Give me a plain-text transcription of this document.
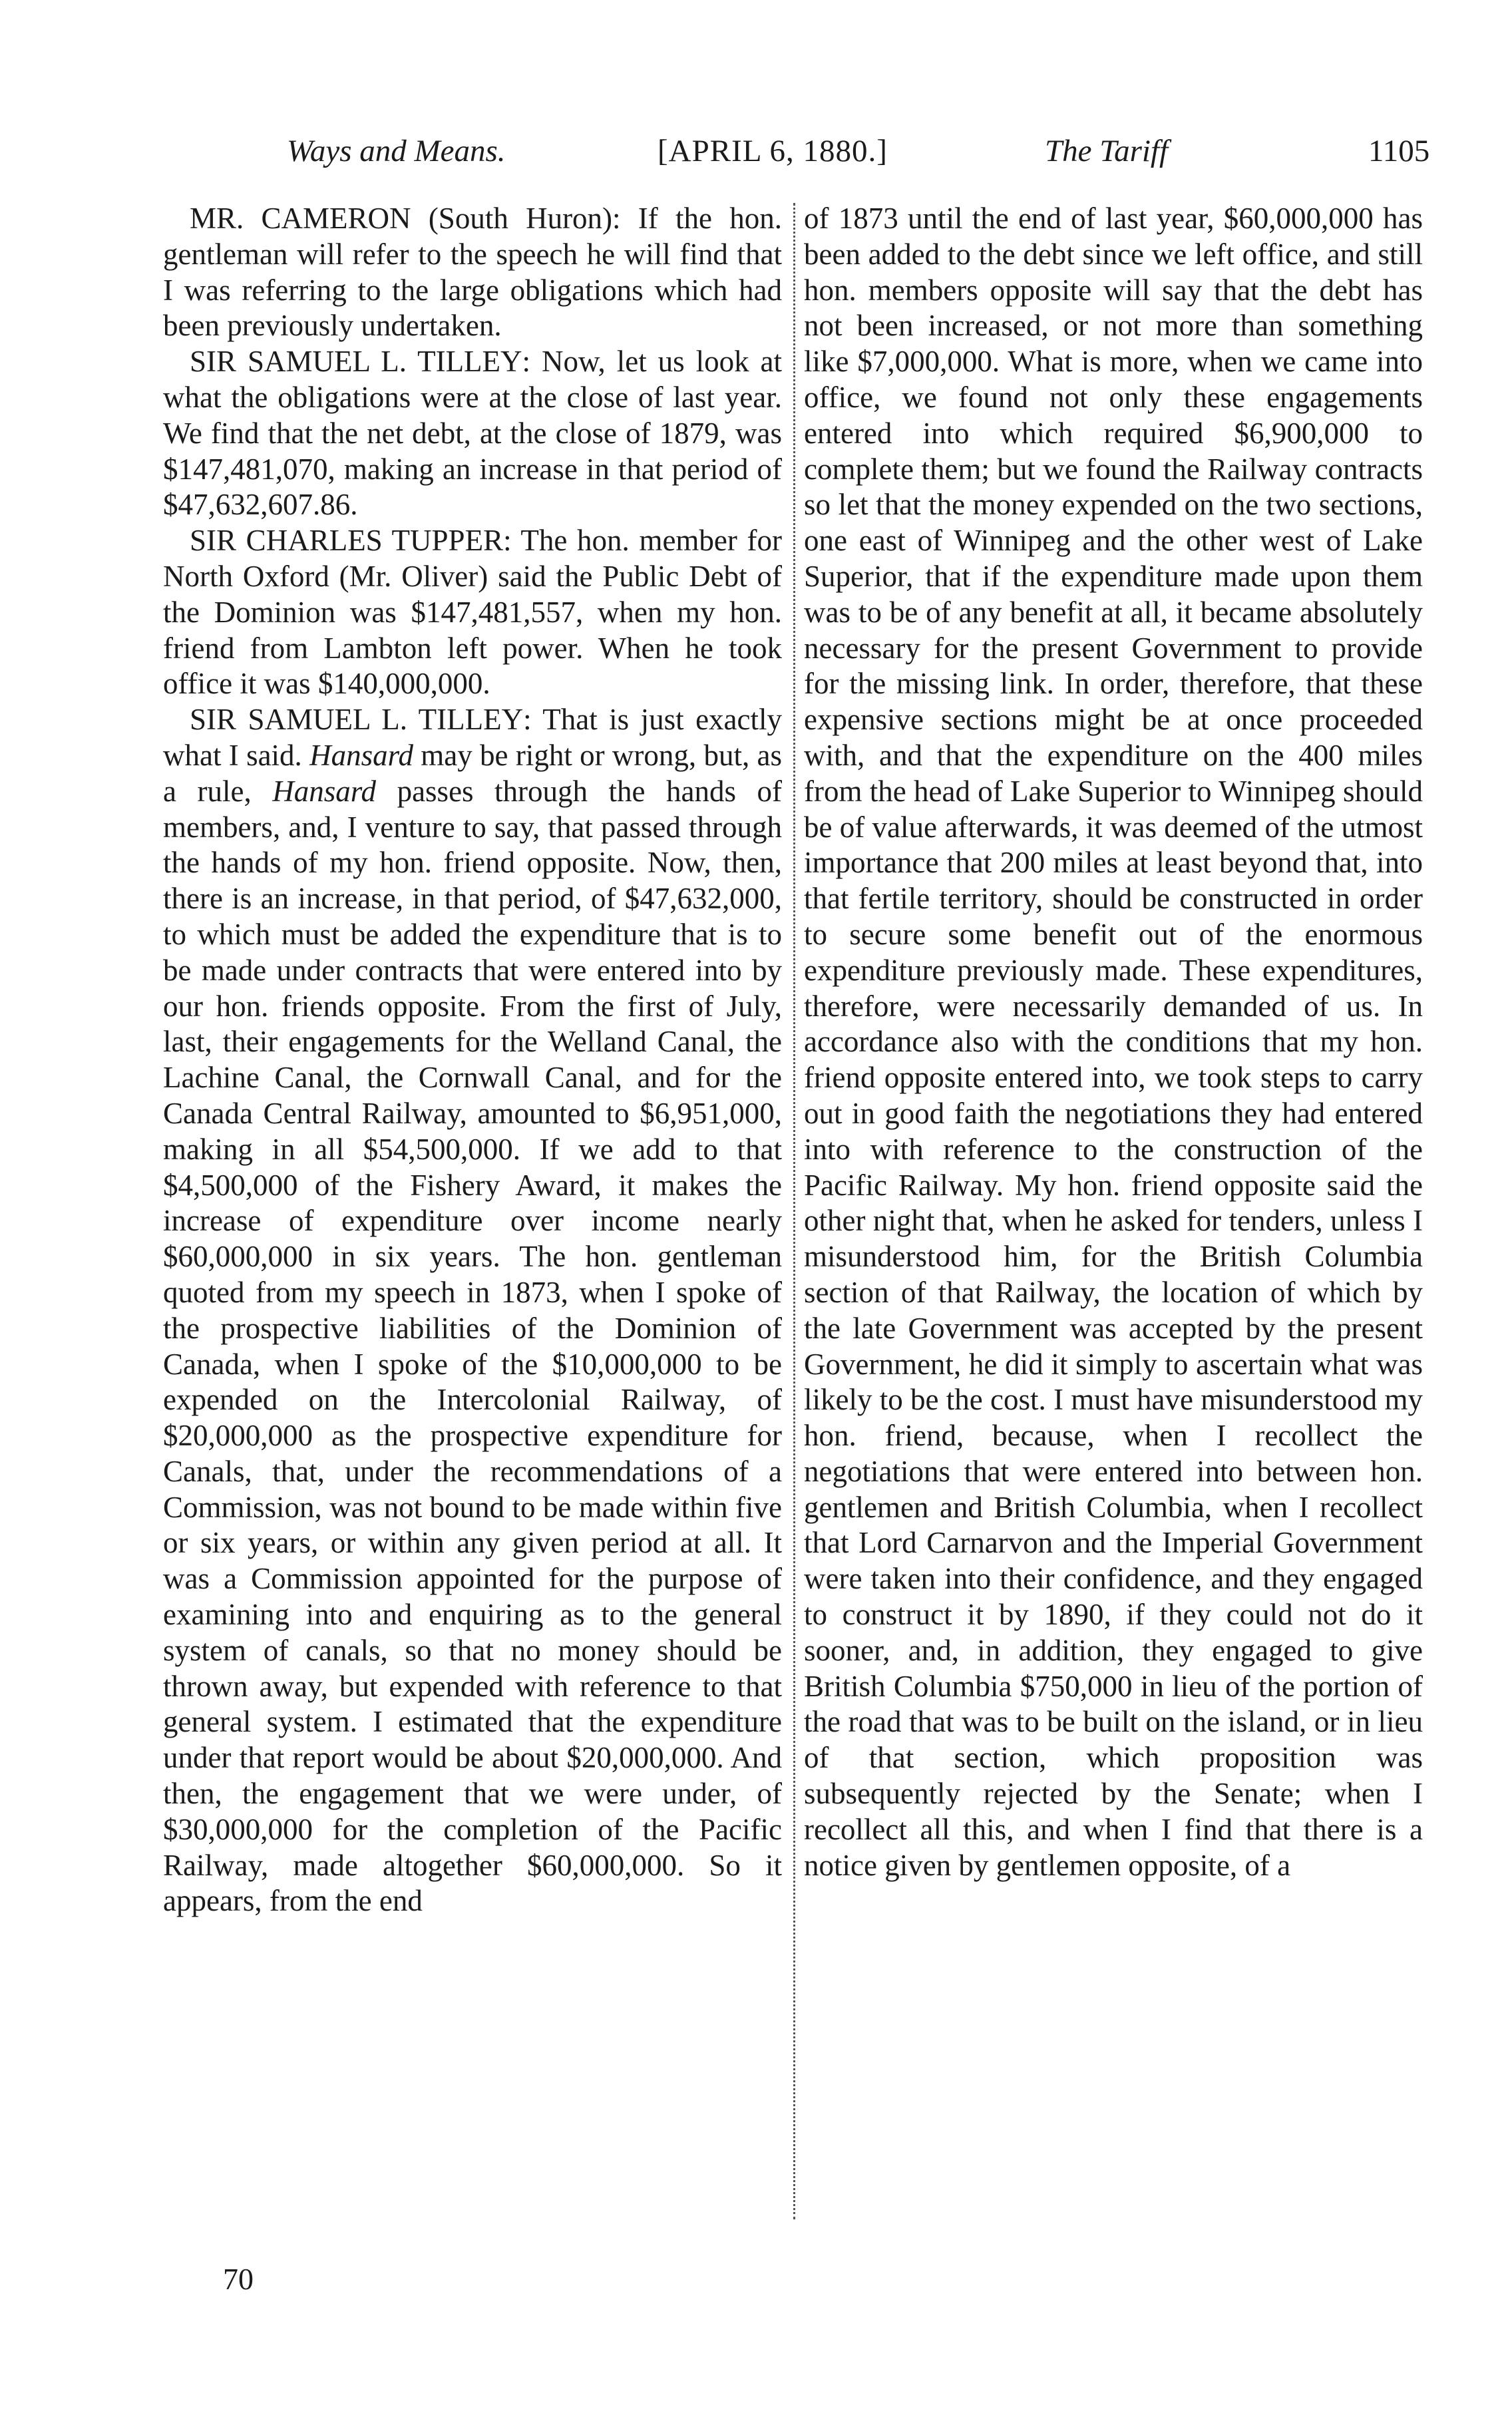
Ways and Means.	[APRIL 6, 1880.]	The Tariff	1105

MR. CAMERON (South Huron): If the hon. gentleman will refer to the speech he will find that I was referring to the large obligations which had been previously undertaken.

SIR SAMUEL L. TILLEY: Now, let us look at what the obligations were at the close of last year. We find that the net debt, at the close of 1879, was $147,481,070, making an increase in that period of $47,632,607.86.

SIR CHARLES TUPPER: The hon. member for North Oxford (Mr. Oliver) said the Public Debt of the Dominion was $147,481,557, when my hon. friend from Lambton left power. When he took office it was $140,000,000.

SIR SAMUEL L. TILLEY: That is just exactly what I said. Hansard may be right or wrong, but, as a rule, Hansard passes through the hands of members, and, I venture to say, that passed through the hands of my hon. friend opposite. Now, then, there is an increase, in that period, of $47,632,000, to which must be added the expenditure that is to be made under contracts that were entered into by our hon. friends opposite. From the first of July, last, their engagements for the Welland Canal, the Lachine Canal, the Cornwall Canal, and for the Canada Central Railway, amounted to $6,951,000, making in all $54,500,000. If we add to that $4,500,000 of the Fishery Award, it makes the increase of expenditure over income nearly $60,000,000 in six years. The hon. gentleman quoted from my speech in 1873, when I spoke of the prospective liabilities of the Dominion of Canada, when I spoke of the $10,000,000 to be expended on the Intercolonial Railway, of $20,000,000 as the prospective expenditure for Canals, that, under the recommendations of a Commission, was not bound to be made within five or six years, or within any given period at all. It was a Commission appointed for the purpose of examining into and enquiring as to the general system of canals, so that no money should be thrown away, but expended with reference to that general system. I estimated that the expenditure under that report would be about $20,000,000. And then, the engagement that we were under, of $30,000,000 for the completion of the Pacific Railway, made altogether $60,000,000. So it appears, from the end

of 1873 until the end of last year, $60,000,000 has been added to the debt since we left office, and still hon. members opposite will say that the debt has not been increased, or not more than something like $7,000,000. What is more, when we came into office, we found not only these engagements entered into which required $6,900,000 to complete them; but we found the Railway contracts so let that the money expended on the two sections, one east of Winnipeg and the other west of Lake Superior, that if the expenditure made upon them was to be of any benefit at all, it became absolutely necessary for the present Government to provide for the missing link. In order, therefore, that these expensive sections might be at once proceeded with, and that the expenditure on the 400 miles from the head of Lake Superior to Winnipeg should be of value afterwards, it was deemed of the utmost importance that 200 miles at least beyond that, into that fertile territory, should be constructed in order to secure some benefit out of the enormous expenditure previously made. These expenditures, therefore, were necessarily demanded of us. In accordance also with the conditions that my hon. friend opposite entered into, we took steps to carry out in good faith the negotiations they had entered into with reference to the construction of the Pacific Railway. My hon. friend opposite said the other night that, when he asked for tenders, unless I misunderstood him, for the British Columbia section of that Railway, the location of which by the late Government was accepted by the present Government, he did it simply to ascertain what was likely to be the cost. I must have misunderstood my hon. friend, because, when I recollect the negotiations that were entered into between hon. gentlemen and British Columbia, when I recollect that Lord Carnarvon and the Imperial Government were taken into their confidence, and they engaged to construct it by 1890, if they could not do it sooner, and, in addition, they engaged to give British Columbia $750,000 in lieu of the portion of the road that was to be built on the island, or in lieu of that section, which proposition was subsequently rejected by the Senate; when I recollect all this, and when I find that there is a notice given by gentlemen opposite, of a

70
